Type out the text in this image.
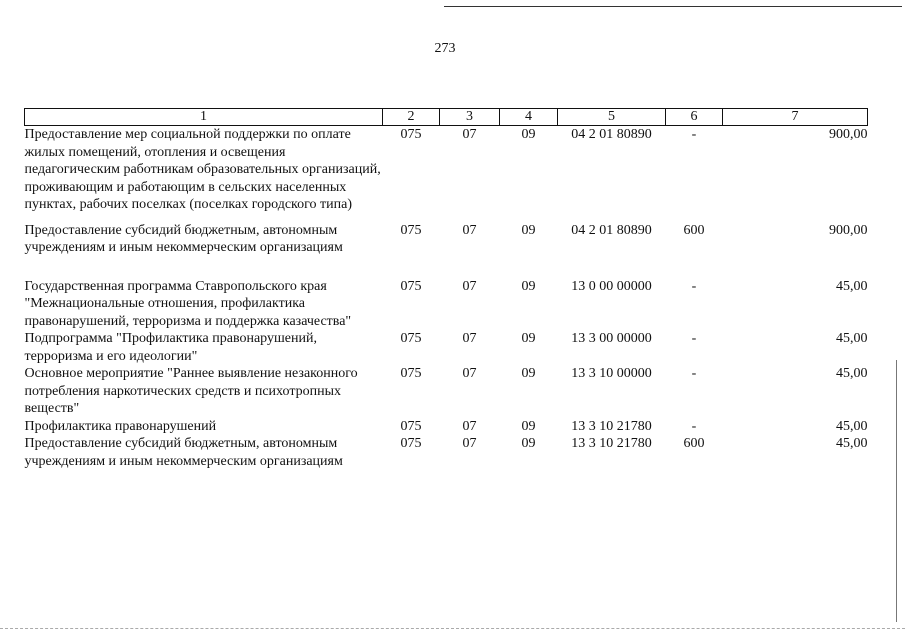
273
1	2	3	4	5	6	7
Предоставление мер социальной поддержки по оплате жилых помещений, отопления и освещения педагогическим работникам образовательных организаций, проживающим и работающим в сельских населенных пунктах, рабочих поселках (поселках городского типа)	075	07	09	04 2 01 80890	-	900,00
Предоставление субсидий бюджетным, автономным учреждениям и иным некоммерческим организациям	075	07	09	04 2 01 80890	600	900,00
Государственная программа Ставропольского края "Межнациональные отношения, профилактика правонарушений, терроризма и поддержка казачества"	075	07	09	13 0 00 00000	-	45,00
Подпрограмма "Профилактика правонарушений, терроризма и его идеологии"	075	07	09	13 3 00 00000	-	45,00
Основное мероприятие "Раннее выявление незаконного потребления наркотических средств и психотропных веществ"	075	07	09	13 3 10 00000	-	45,00
Профилактика правонарушений	075	07	09	13 3 10 21780	-	45,00
Предоставление субсидий бюджетным, автономным учреждениям и иным некоммерческим организациям	075	07	09	13 3 10 21780	600	45,00
